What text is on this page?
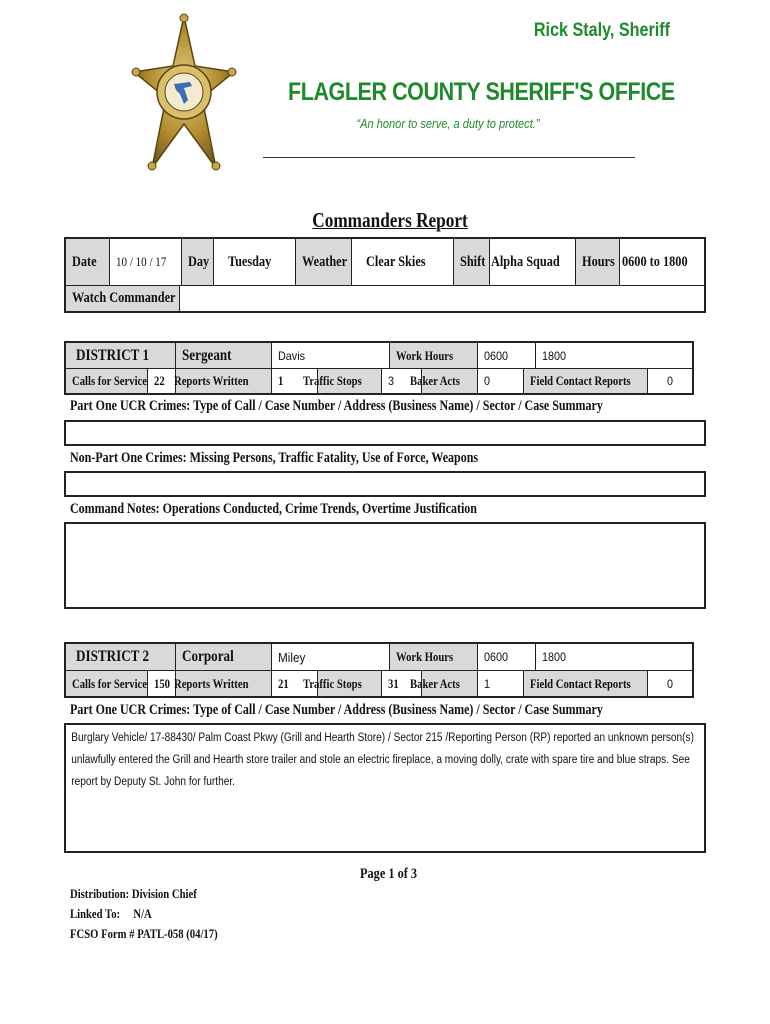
Rick Staly, Sheriff
FLAGLER COUNTY SHERIFF'S OFFICE
“An honor to serve, a duty to protect.”
Commanders Report
Date 10 / 10 / 17 Day Tuesday Weather Clear Skies Shift Alpha Squad Hours 0600 to 1800
Watch Commander
DISTRICT 1 Sergeant	Davis	Work Hours	0600	1800
Calls for Service 22 Reports Written 1 Traffic Stops 3 Baker Acts 0	Field Contact Reports	0
Part One UCR Crimes: Type of Call / Case Number / Address (Business Name) / Sector / Case Summary
Non-Part One Crimes: Missing Persons, Traffic Fatality, Use of Force, Weapons
Command Notes: Operations Conducted, Crime Trends, Overtime Justification
DISTRICT 2 Corporal	Miley	Work Hours	0600	1800
Calls for Service 150 Reports Written 21 Traffic Stops 31 Baker Acts 1	Field Contact Reports	0
Part One UCR Crimes: Type of Call / Case Number / Address (Business Name) / Sector / Case Summary
Burglary Vehicle/ 17-88430/ Palm Coast Pkwy (Grill and Hearth Store) / Sector 215 /Reporting Person (RP) reported an unknown person(s) unlawfully entered the Grill and Hearth store trailer and stole an electric fireplace, a moving dolly, crate with spare tire and blue straps. See report by Deputy St. John for further.
Page 1 of 3
Distribution: Division Chief
Linked To:     N/A
FCSO Form # PATL-058 (04/17)
